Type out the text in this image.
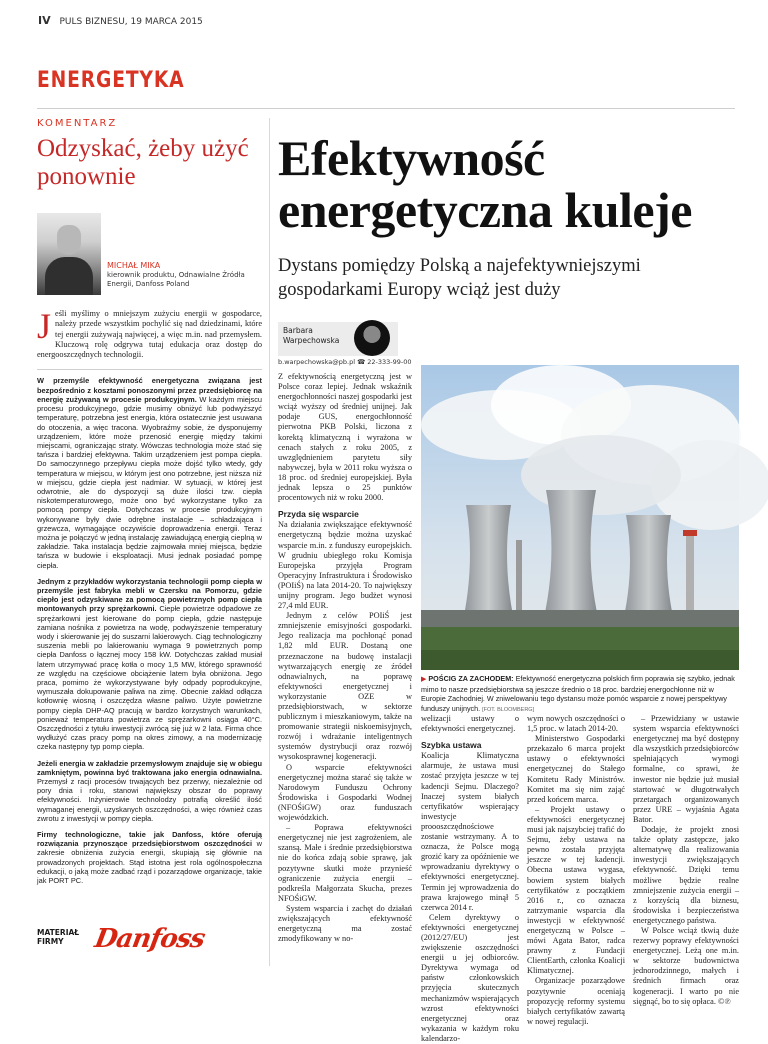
IV PULS BIZNESU, 19 MARCA 2015
ENERGETYKA
KOMENTARZ
Odzyskać, żeby użyć ponownie
MICHAŁ MIKA
kierownik produktu, Odnawialne Źródła Energii, Danfoss Poland
Jeśli myślimy o mniejszym zużyciu energii w gospodarce, należy przede wszystkim pochylić się nad dziedzinami, które tej energii zużywają najwięcej, a więc m.in. nad przemysłem. Kluczową rolę odgrywa tutaj edukacja oraz dostęp do energooszczędnych technologii.

W przemyśle efektywność energetyczna związana jest bezpośrednio z kosztami ponoszonymi przez przedsiębiorcę na energię zużywaną w procesie produkcyjnym. W każdym miejscu procesu produkcyjnego, gdzie musimy obniżyć lub podwyższyć temperaturę, potrzebna jest energia, która ostatecznie jest usuwana do otoczenia, a więc tracona. Wyobraźmy sobie, że dysponujemy urządzeniem, które może przenosić energię między takimi miejscami, ograniczając straty. Wówczas technologia może stać się tańsza i bardziej efektywna. Takim urządzeniem jest pompa ciepła. Do samoczynnego przepływu ciepła może dojść tylko wtedy, gdy temperatura w miejscu, w którym jest ono potrzebne, jest niższa niż w miejscu, gdzie ciepła jest nadmiar. W sytuacji, w której jest odwrotnie, ale do dyspozycji są duże ilości tzw. ciepła niskotemperaturowego, może ono być wykorzystane tylko za pomocą pompy ciepła. Dotychczas w procesie produkcyjnym wykonywane były dwie odrębne instalacje – schładzająca i grzewcza, wymagające oczywiście doprowadzenia energii. Teraz można je połączyć w jedną instalację zawiadującą energią cieplną w zakładzie. Taka instalacja będzie zajmowała mniej miejsca, będzie tańsza w budowie i eksploatacji. Musi jednak posiadać pompę ciepła.

Jednym z przykładów wykorzystania technologii pomp ciepła w przemyśle jest fabryka mebli w Czersku na Pomorzu, gdzie ciepło jest odzyskiwane za pomocą powietrznych pomp ciepła montowanych przy sprężarkowni. Ciepłe powietrze odpadowe ze sprężarkowni jest kierowane do pomp ciepła, gdzie następuje zamiana nośnika z powietrza na wodę, podwyższenie temperatury wody i skierowanie jej do suszarni lakierowych. Ciąg technologiczny suszenia mebli po lakierowaniu wymaga 9 powietrznych pomp ciepła Danfoss o łącznej mocy 158 kW. Dotychczas zakład musiał latem utrzymywać pracę kotła o mocy 1,5 MW, którego sprawność ze względu na częściowe obciążenie latem była obniżona. Jego praca, pomimo że wykorzystywane były odpady poprodukcyjne, wymuszała dokupowanie paliwa na zimę. Obecnie zakład odłącza kotłownię wiosną i oszczędza własne paliwo. Użyte powietrzne pompy ciepła DHP-AQ pracują w bardzo korzystnych warunkach, ponieważ temperatura powietrza ze sprężarkowni osiąga 40°C. Oszczędności z tytułu inwestycji zwrócą się już w 2 lata. Firma chce wydłużyć czas pracy pomp na okres zimowy, a na modernizację czeka następny typ pomp ciepła.

Jeżeli energia w zakładzie przemysłowym znajduje się w obiegu zamkniętym, powinna być traktowana jako energia odnawialna. Przemysł z racji procesów trwających bez przerwy, niezależnie od pory dnia i roku, stanowi największy obszar do poprawy efektywności. Inżynierowie technolodzy potrafią określić ilość wymaganej energii, uzyskanych oszczędności, a więc również czas zwrotu z inwestycji w pompy ciepła.

Firmy technologiczne, takie jak Danfoss, które oferują rozwiązania przynoszące przedsiębiorstwom oszczędności w zakresie obniżenia zużycia energii, skupiają się głównie na prowadzonych projektach. Stąd istotna jest rola ogólnospołeczna edukacji, o jaką może zadbać rząd i pozarządowe organizacje, takie jak PORT PC.

MATERIAŁ FIRMY	Danfoss
Efektywność energetyczna kuleje
Dystans pomiędzy Polską a najefektywniejszymi gospodarkami Europy wciąż jest duży
Barbara Warpechowska
b.warpechowska@pb.pl ☎ 22-333-99-00

Z efektywnością energetyczną jest w Polsce coraz lepiej. Jednak wskaźnik energochłonności naszej gospodarki jest wciąż wyższy od średniej unijnej. Jak podaje GUS, energochłonność pierwotna PKB Polski, liczona z korektą klimatyczną i wyrażona w cenach stałych z roku 2005, z uwzględnieniem parytetu siły nabywczej, była w 2011 roku wyższa o 18 proc. od średniej europejskiej. Była jednak lepsza o 25 punktów procentowych niż w roku 2000.

Przyda się wsparcie

Na działania zwiększające efektywność energetyczną będzie można uzyskać wsparcie m.in. z funduszy europejskich. W grudniu ubiegłego roku Komisja Europejska przyjęła Program Operacyjny Infrastruktura i Środowisko (POIiŚ) na lata 2014-20. To największy unijny program. Jego budżet wynosi 27,4 mld EUR.

Jednym z celów POIiŚ jest zmniejszenie emisyjności gospodarki. Jego realizacja ma pochłonąć ponad 1,82 mld EUR. Dostaną one przeznaczone na budowę instalacji wytwarzających energię ze źródeł odnawialnych, na poprawę efektywności energetycznej i wykorzystanie OZE w przedsiębiorstwach, w sektorze publicznym i mieszkaniowym, także na promowanie strategii niskoemisyjnych, rozwój i wdrażanie inteligentnych systemów dystrybucji oraz rozwój wysokosprawnej kogeneracji.

O wsparcie efektywności energetycznej można starać się także w Narodowym Funduszu Ochrony Środowiska i Gospodarki Wodnej (NFOŚiGW) oraz funduszach wojewódzkich.

– Poprawa efektywności energetycznej nie jest zagrożeniem, ale szansą. Małe i średnie przedsiębiorstwa nie do końca zdają sobie sprawę, jak pozytywne skutki może przynieść ograniczenie zużycia energii – podkreśla Małgorzata Skucha, prezes NFOŚiGW.

System wsparcia i zachęt do działań zwiększających efektywność energetyczną ma zostać zmodyfikowany w no-

▶ POŚCIG ZA ZACHODEM: Efektywność energetyczna polskich firm poprawia się szybko, jednak mimo to nasze przedsiębiorstwa są jeszcze średnio o 18 proc. bardziej energochłonne niż w Europie Zachodniej. W zniwelowaniu tego dystansu może pomóc wsparcie z nowej perspektywy funduszy unijnych. [FOT. BLOOMBERG]

welizacji ustawy o efektywności energetycznej.

Szybka ustawa

Koalicja Klimatyczna alarmuje, że ustawa musi zostać przyjęta jeszcze w tej kadencji Sejmu. Dlaczego? Inaczej system białych certyfikatów wspierający inwestycje proooszczędnościowe zostanie wstrzymany. A to oznacza, że Polsce mogą grozić kary za opóźnienie we wprowadzaniu dyrektywy o efektywności energetycznej. Termin jej wprowadzenia do prawa krajowego minął 5 czerwca 2014 r.

Celem dyrektywy o efektywności energetycznej (2012/27/EU) jest zwiększenie oszczędności energii u jej odbiorców. Dyrektywa wymaga od państw członkowskich przyjęcia skutecznych mechanizmów wspierających wzrost efektywności energetycznej oraz wykazania w każdym roku kalendarzo-

wym nowych oszczędności o 1,5 proc. w latach 2014-20.

Ministerstwo Gospodarki przekazało 6 marca projekt ustawy o efektywności energetycznej do Stałego Komitetu Rady Ministrów. Komitet ma się nim zająć przed końcem marca.

– Projekt ustawy o efektywności energetycznej musi jak najszybciej trafić do Sejmu, żeby ustawa na pewno została przyjęta jeszcze w tej kadencji. Obecna ustawa wygasa, bowiem system białych certyfikatów z początkiem 2016 r., co oznacza zatrzymanie wsparcia dla inwestycji w efektywność energetyczną w Polsce – mówi Agata Bator, radca prawny z Fundacji ClientEarth, członka Koalicji Klimatycznej.

Organizacje pozarządowe pozytywnie oceniają propozycję reformy systemu białych certyfikatów zawartą w nowej regulacji.

– Przewidziany w ustawie system wsparcia efektywności energetycznej ma być dostępny dla wszystkich przedsiębiorców spełniających wymogi formalne, co sprawi, że inwestor nie będzie już musiał startować w długotrwałych przetargach organizowanych przez URE – wyjaśnia Agata Bator.

Dodaje, że projekt znosi także opłaty zastępcze, jako alternatywę dla realizowania inwestycji zwiększających efektywność. Dzięki temu możliwe będzie realne zmniejszenie zużycia energii – z korzyścią dla biznesu, środowiska i bezpieczeństwa energetycznego państwa.

W Polsce wciąż tkwią duże rezerwy poprawy efektywności energetycznej. Leżą one m.in. w sektorze budownictwa jednorodzinnego, małych i średnich firmach oraz kogeneracji. I warto po nie sięgnąć, bo to się opłaca. ©℗
